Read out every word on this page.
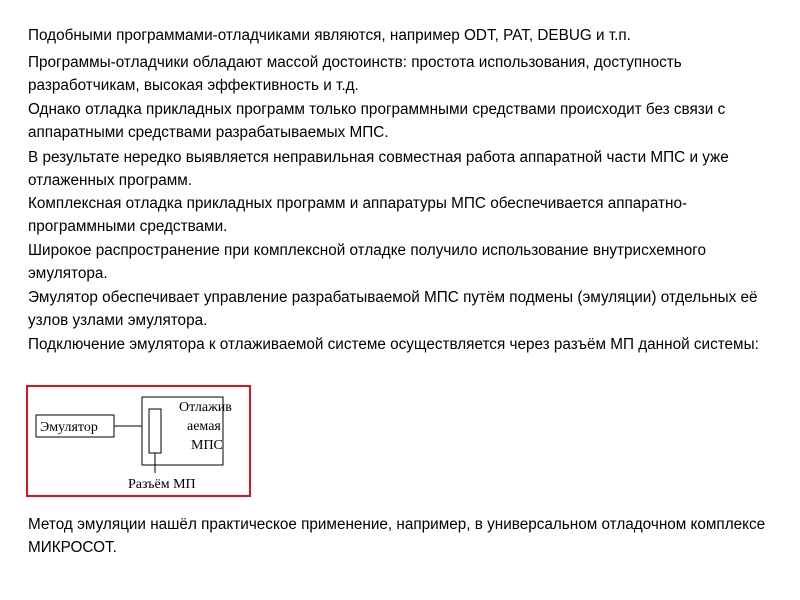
Подобными программами-отладчиками являются, например ODT, PAT, DEBUG и т.п.

Программы-отладчики обладают массой достоинств: простота использования, доступность разработчикам, высокая эффективность и т.д.

Однако отладка прикладных программ только программными средствами происходит без связи с аппаратными средствами разрабатываемых МПС.

В результате нередко выявляется неправильная совместная работа аппаратной части МПС и уже отлаженных программ.

Комплексная отладка прикладных программ и аппаратуры МПС обеспечивается аппаратно-программными средствами.

Широкое распространение при комплексной отладке получило использование внутрисхемного эмулятора.

Эмулятор обеспечивает управление разрабатываемой МПС путём подмены (эмуляции) отдельных её узлов узлами эмулятора.

Подключение эмулятора к отлаживаемой системе осуществляется через разъём МП данной системы:

Эмулятор
Отлажив
аемая
МПС
Разъём МП

Метод эмуляции нашёл практическое применение, например, в универсальном отладочном комплексе МИКРОСОТ.
